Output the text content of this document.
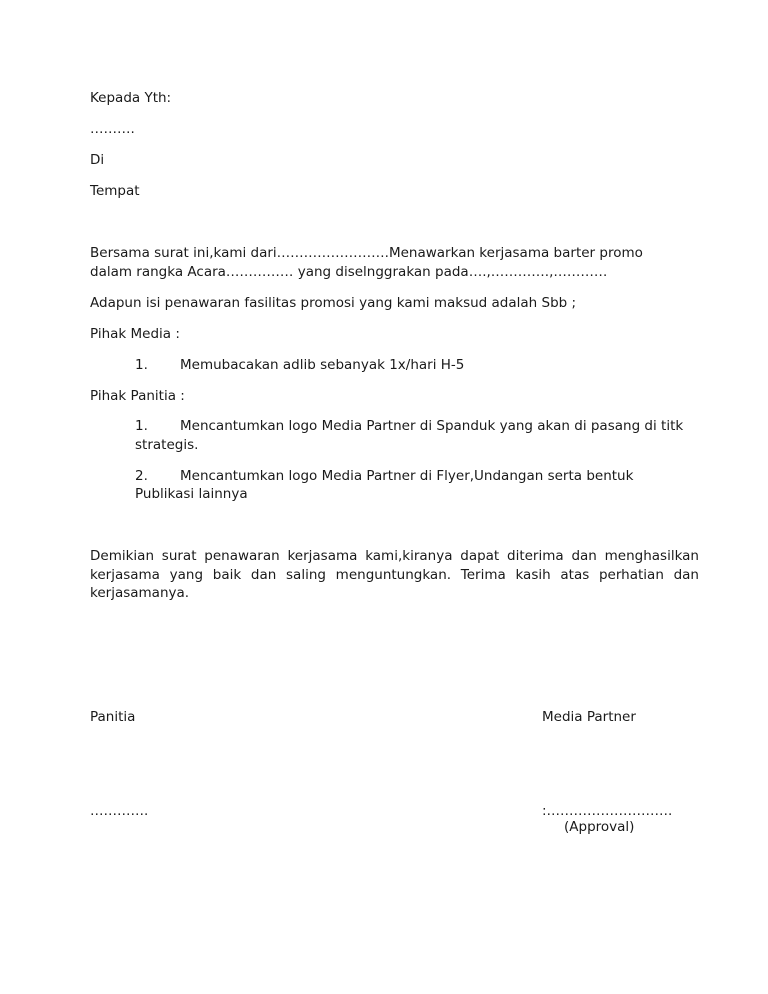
Kepada Yth:
……….
Di
Tempat
Bersama surat ini,kami dari…………………….Menawarkan kerjasama barter promo
dalam rangka Acara…………… yang diselnggrakan pada….,………….,…………
Adapun isi penawaran fasilitas promosi yang kami maksud adalah Sbb ;
Pihak Media :
1. Memubacakan adlib sebanyak 1x/hari H-5
Pihak Panitia :
1. Mencantumkan logo Media Partner di Spanduk yang akan di pasang di titk
strategis.
2. Mencantumkan logo Media Partner di Flyer,Undangan serta bentuk
Publikasi lainnya
Demikian surat penawaran kerjasama kami,kiranya dapat diterima dan menghasilkan kerjasama yang baik dan saling menguntungkan. Terima kasih atas perhatian dan kerjasamanya.
Panitia	Media Partner
………….	:……………………….
(Approval)
